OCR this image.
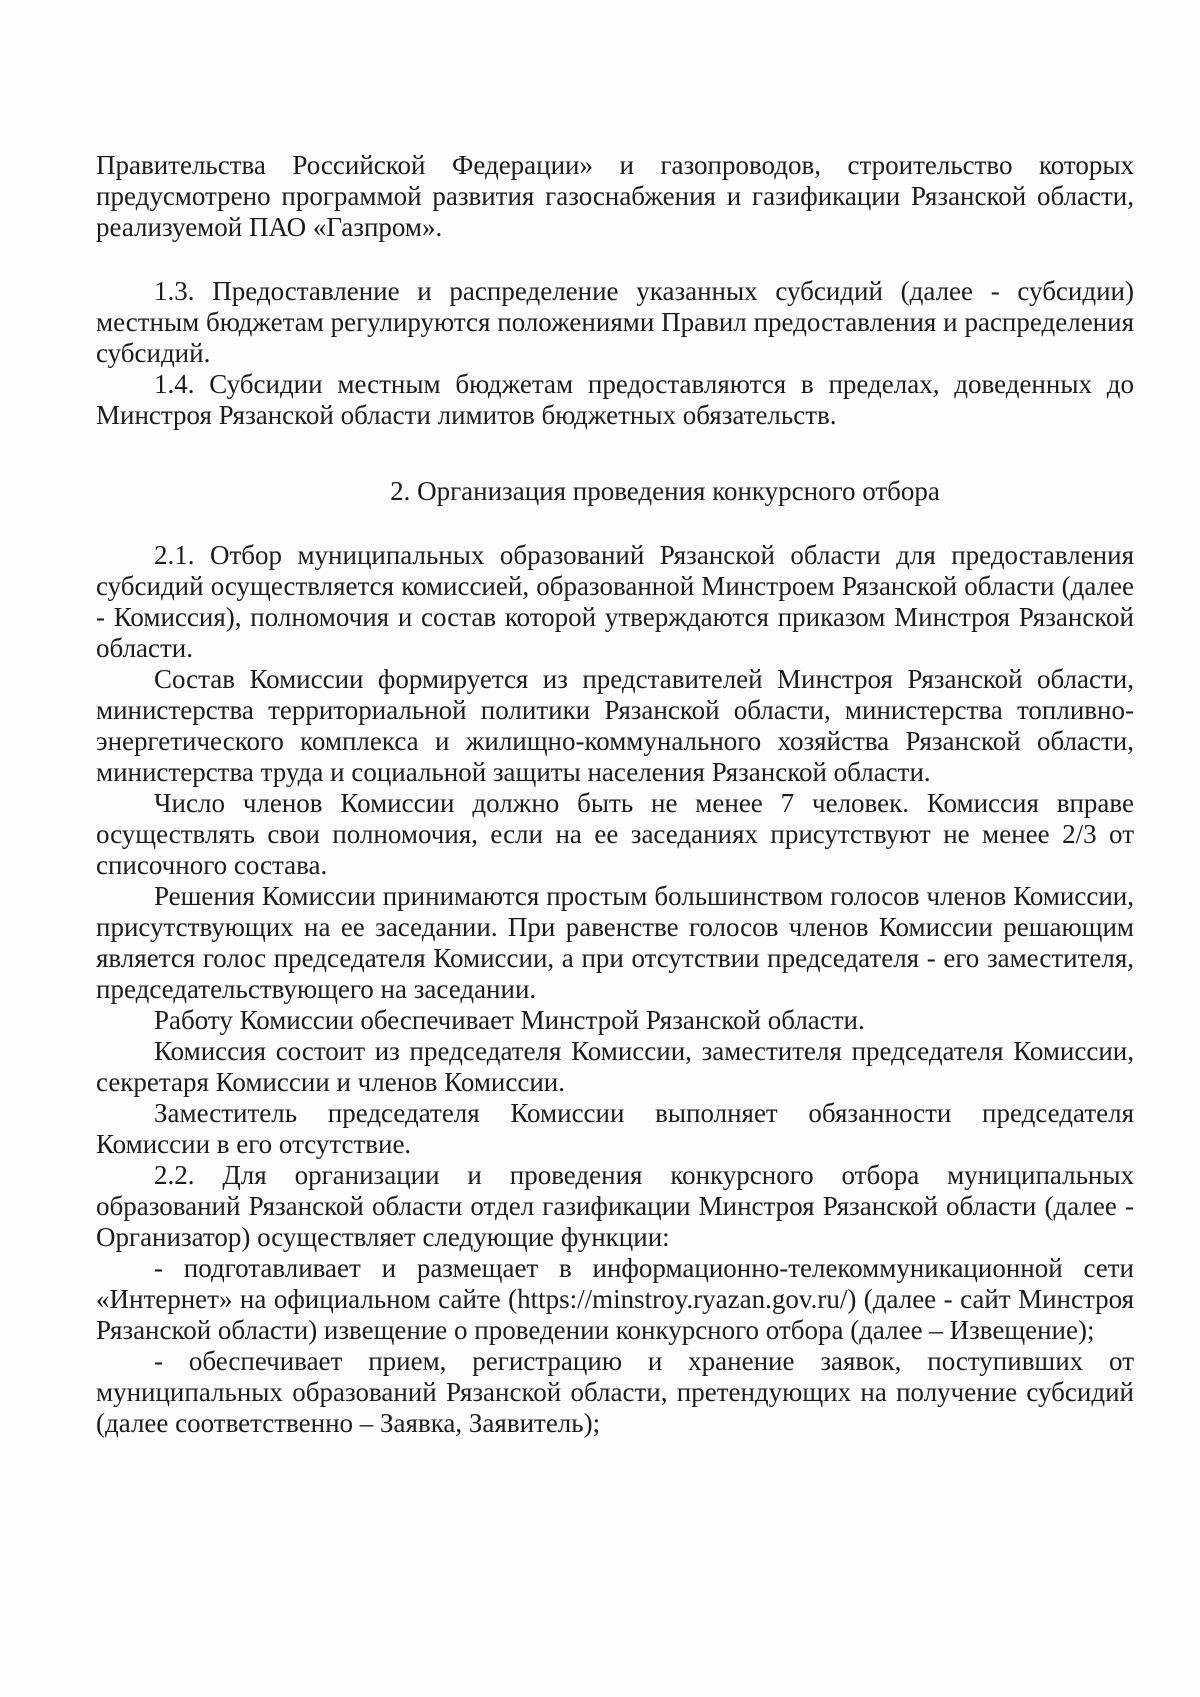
Правительства Российской Федерации» и газопроводов, строительство которых предусмотрено программой развития газоснабжения и газификации Рязанской области, реализуемой ПАО «Газпром».

1.3. Предоставление и распределение указанных субсидий (далее - субсидии) местным бюджетам регулируются положениями Правил предоставления и распределения субсидий.

1.4. Субсидии местным бюджетам предоставляются в пределах, доведенных до Минстроя Рязанской области лимитов бюджетных обязательств.

2. Организация проведения конкурсного отбора

2.1. Отбор муниципальных образований Рязанской области для предоставления субсидий осуществляется комиссией, образованной Минстроем Рязанской области (далее - Комиссия), полномочия и состав которой утверждаются приказом Минстроя Рязанской области.

Состав Комиссии формируется из представителей Минстроя Рязанской области, министерства территориальной политики Рязанской области, министерства топливно-энергетического комплекса и жилищно-коммунального хозяйства Рязанской области, министерства труда и социальной защиты населения Рязанской области.

Число членов Комиссии должно быть не менее 7 человек. Комиссия вправе осуществлять свои полномочия, если на ее заседаниях присутствуют не менее 2/3 от списочного состава.

Решения Комиссии принимаются простым большинством голосов членов Комиссии, присутствующих на ее заседании. При равенстве голосов членов Комиссии решающим является голос председателя Комиссии, а при отсутствии председателя - его заместителя, председательствующего на заседании.

Работу Комиссии обеспечивает Минстрой Рязанской области.

Комиссия состоит из председателя Комиссии, заместителя председателя Комиссии, секретаря Комиссии и членов Комиссии.

Заместитель председателя Комиссии выполняет обязанности председателя Комиссии в его отсутствие.

2.2. Для организации и проведения конкурсного отбора муниципальных образований Рязанской области отдел газификации Минстроя Рязанской области (далее - Организатор) осуществляет следующие функции:

- подготавливает и размещает в информационно-телекоммуникационной сети «Интернет» на официальном сайте (https://minstroy.ryazan.gov.ru/) (далее - сайт Минстроя Рязанской области) извещение о проведении конкурсного отбора (далее – Извещение);

- обеспечивает прием, регистрацию и хранение заявок, поступивших от муниципальных образований Рязанской области, претендующих на получение субсидий (далее соответственно – Заявка, Заявитель);
